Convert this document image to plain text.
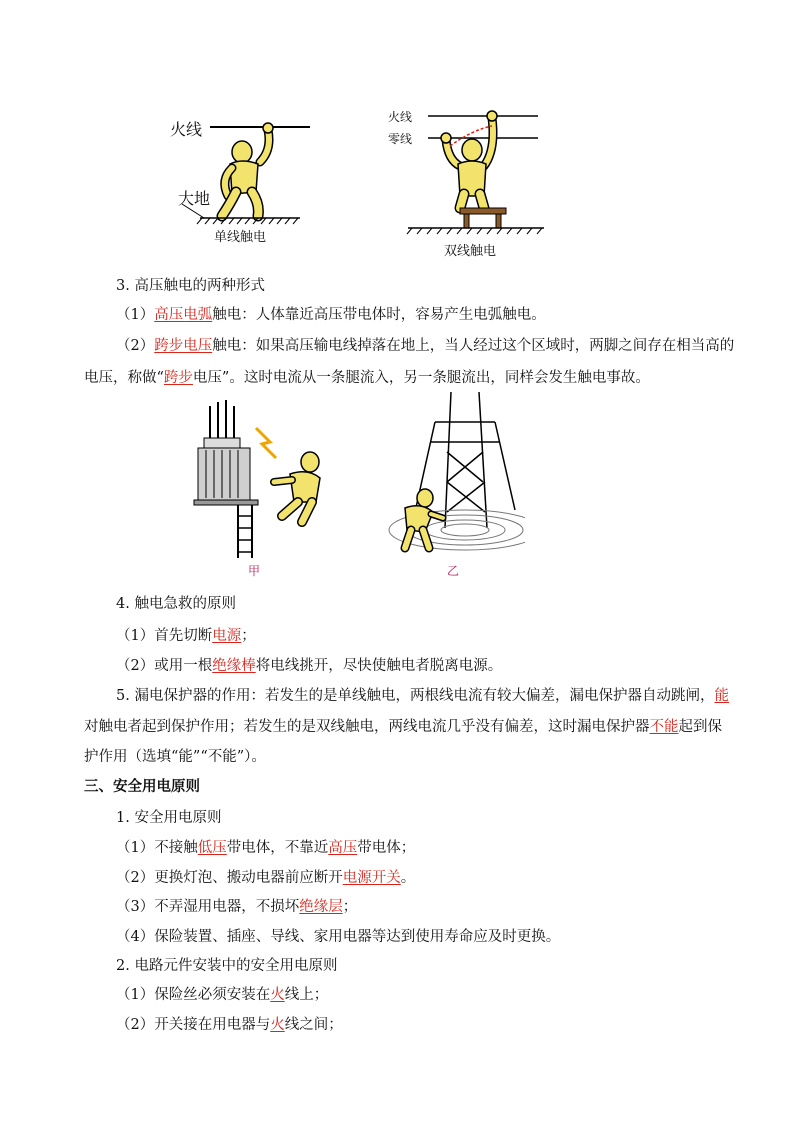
火线
大地
单线触电
火线
零线
双线触电
3. 高压触电的两种形式
（1）高压电弧触电：人体靠近高压带电体时，容易产生电弧触电。
（2）跨步电压触电：如果高压输电线掉落在地上，当人经过这个区域时，两脚之间存在相当高的
电压，称做“跨步电压”。这时电流从一条腿流入，另一条腿流出，同样会发生触电事故。
甲	乙
4. 触电急救的原则
（1）首先切断电源；
（2）或用一根绝缘棒将电线挑开，尽快使触电者脱离电源。
5. 漏电保护器的作用：若发生的是单线触电，两根线电流有较大偏差，漏电保护器自动跳闸，能
对触电者起到保护作用；若发生的是双线触电，两线电流几乎没有偏差，这时漏电保护器不能起到保
护作用（选填“能”“不能”）。
三、安全用电原则
1. 安全用电原则
（1）不接触低压带电体，不靠近高压带电体；
（2）更换灯泡、搬动电器前应断开电源开关。
（3）不弄湿用电器，不损坏绝缘层；
（4）保险装置、插座、导线、家用电器等达到使用寿命应及时更换。
2. 电路元件安装中的安全用电原则
（1）保险丝必须安装在火线上；
（2）开关接在用电器与火线之间；
